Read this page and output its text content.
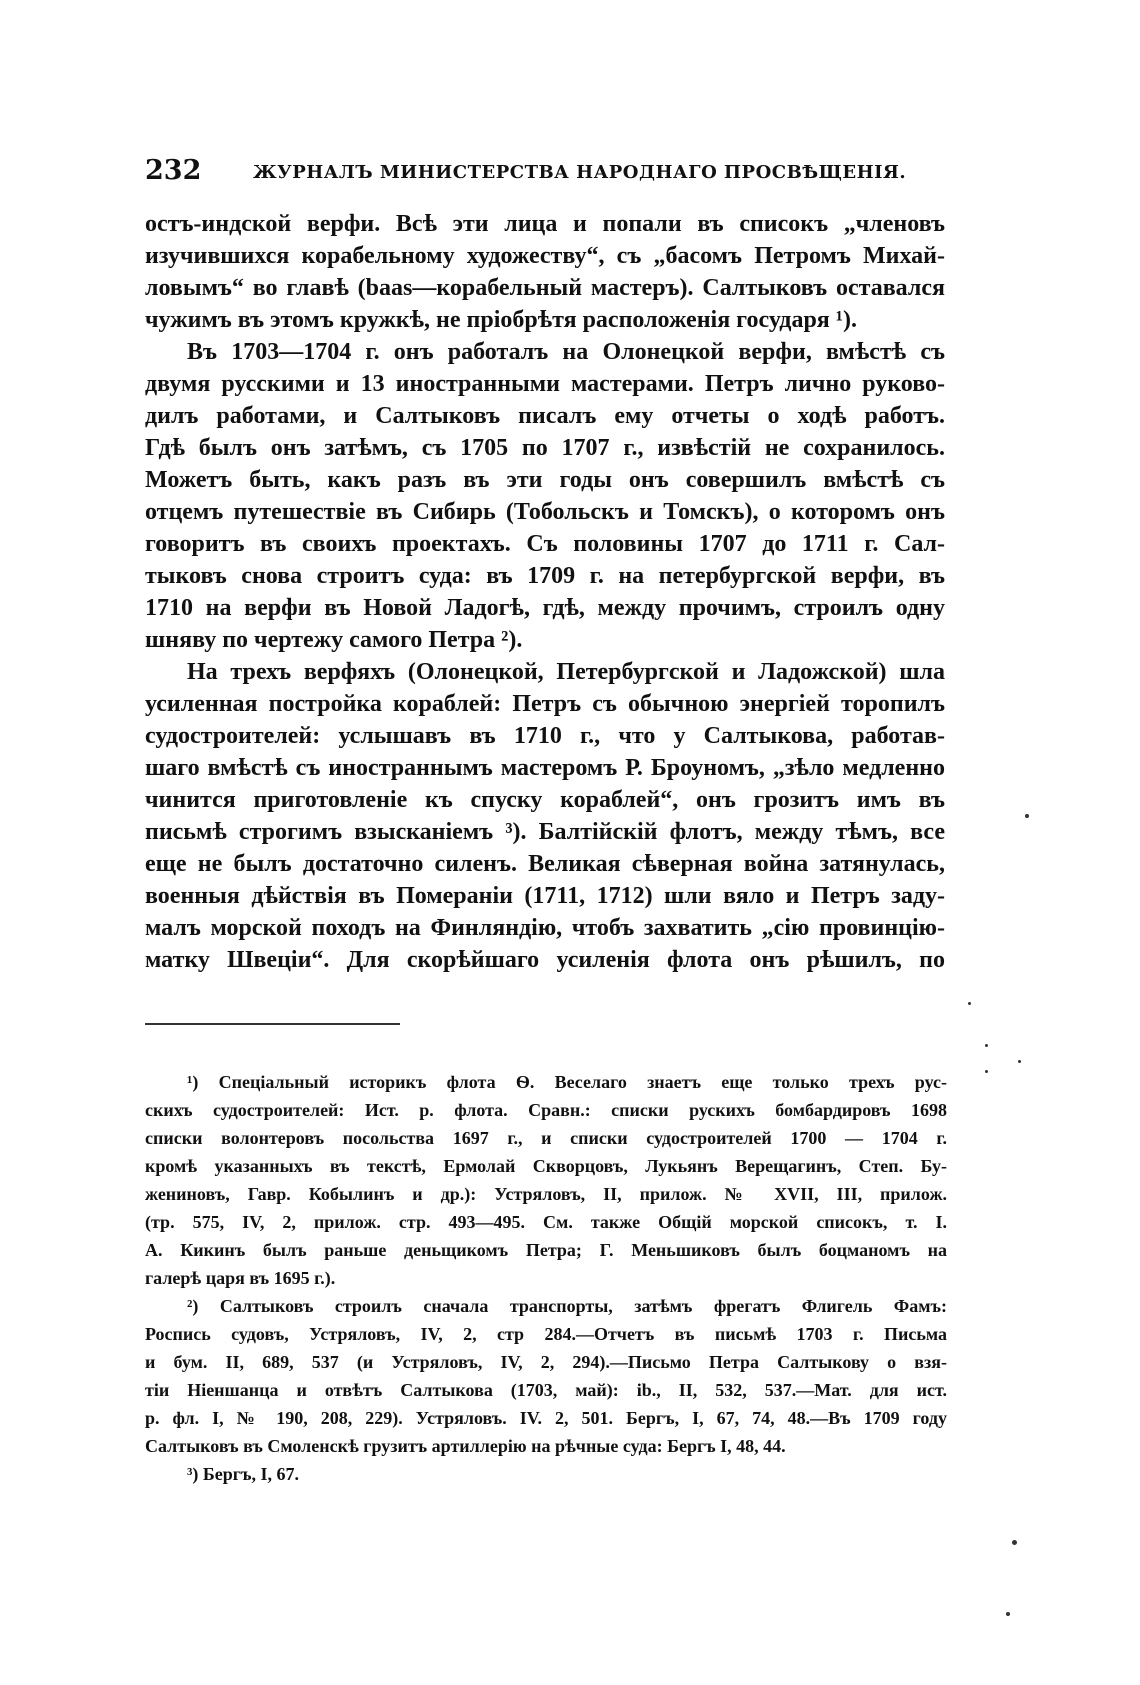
232	ЖУРНАЛЪ МИНИСТЕРСТВА НАРОДНАГО ПРОСВѢЩЕНІЯ.
остъ-индской верфи. Всѣ эти лица и попали въ списокъ „членовъ
изучившихся корабельному художеству“, съ „басомъ Петромъ Михай-
ловымъ“ во главѣ (baas—корабельный мастеръ). Салтыковъ оставался
чужимъ въ этомъ кружкѣ, не пріобрѣтя расположенія государя ¹).
Въ 1703—1704 г. онъ работалъ на Олонецкой верфи, вмѣстѣ съ
двумя русскими и 13 иностранными мастерами. Петръ лично руково-
дилъ работами, и Салтыковъ писалъ ему отчеты о ходѣ работъ.
Гдѣ былъ онъ затѣмъ, съ 1705 по 1707 г., извѣстій не сохранилось.
Можетъ быть, какъ разъ въ эти годы онъ совершилъ вмѣстѣ съ
отцемъ путешествіе въ Сибирь (Тобольскъ и Томскъ), о которомъ онъ
говоритъ въ своихъ проектахъ. Съ половины 1707 до 1711 г. Сал-
тыковъ снова строитъ суда: въ 1709 г. на петербургской верфи, въ
1710 на верфи въ Новой Ладогѣ, гдѣ, между прочимъ, строилъ одну
шняву по чертежу самого Петра ²).
На трехъ верфяхъ (Олонецкой, Петербургской и Ладожской) шла
усиленная постройка кораблей: Петръ съ обычною энергіей торопилъ
судостроителей: услышавъ въ 1710 г., что у Салтыкова, работав-
шаго вмѣстѣ съ иностраннымъ мастеромъ Р. Броуномъ, „зѣло медленно
чинится приготовленіе къ спуску кораблей“, онъ грозитъ имъ въ
письмѣ строгимъ взысканіемъ ³). Балтійскій флотъ, между тѣмъ, все
еще не былъ достаточно силенъ. Великая сѣверная война затянулась,
военныя дѣйствія въ Помераніи (1711, 1712) шли вяло и Петръ заду-
малъ морской походъ на Финляндію, чтобъ захватить „сію провинцію-
матку Швеціи“. Для скорѣйшаго усиленія флота онъ рѣшилъ, по
¹) Спеціальный историкъ флота Ѳ. Веселаго знаетъ еще только трехъ рус-
скихъ судостроителей: Ист. р. флота. Сравн.: списки рускихъ бомбардировъ 1698
списки волонтеровъ посольства 1697 г., и списки судостроителей 1700 — 1704 г.
кромѣ указанныхъ въ текстѣ, Ермолай Скворцовъ, Лукьянъ Верещагинъ, Степ. Бу-
жениновъ, Гавр. Кобылинъ и др.): Устряловъ, II, прилож. № XVII, III, прилож.
(тр. 575, IV, 2, прилож. стр. 493—495. См. также Общій морской списокъ, т. I.
А. Кикинъ былъ раньше деньщикомъ Петра; Г. Меньшиковъ былъ боцманомъ на
галерѣ царя въ 1695 г.).
²) Салтыковъ строилъ сначала транспорты, затѣмъ фрегатъ Флигель Фамъ:
Роспись судовъ, Устряловъ, IV, 2, стр 284.—Отчетъ въ письмѣ 1703 г. Письма
и бум. II, 689, 537 (и Устряловъ, IV, 2, 294).—Письмо Петра Салтыкову о взя-
тіи Ніеншанца и отвѣтъ Салтыкова (1703, май): ib., II, 532, 537.—Мат. для ист.
р. фл. I, № 190, 208, 229). Устряловъ. IV. 2, 501. Бергъ, I, 67, 74, 48.—Въ 1709 году
Салтыковъ въ Смоленскѣ грузитъ артиллерію на рѣчные суда: Бергъ I, 48, 44.
³) Бергъ, I, 67.
